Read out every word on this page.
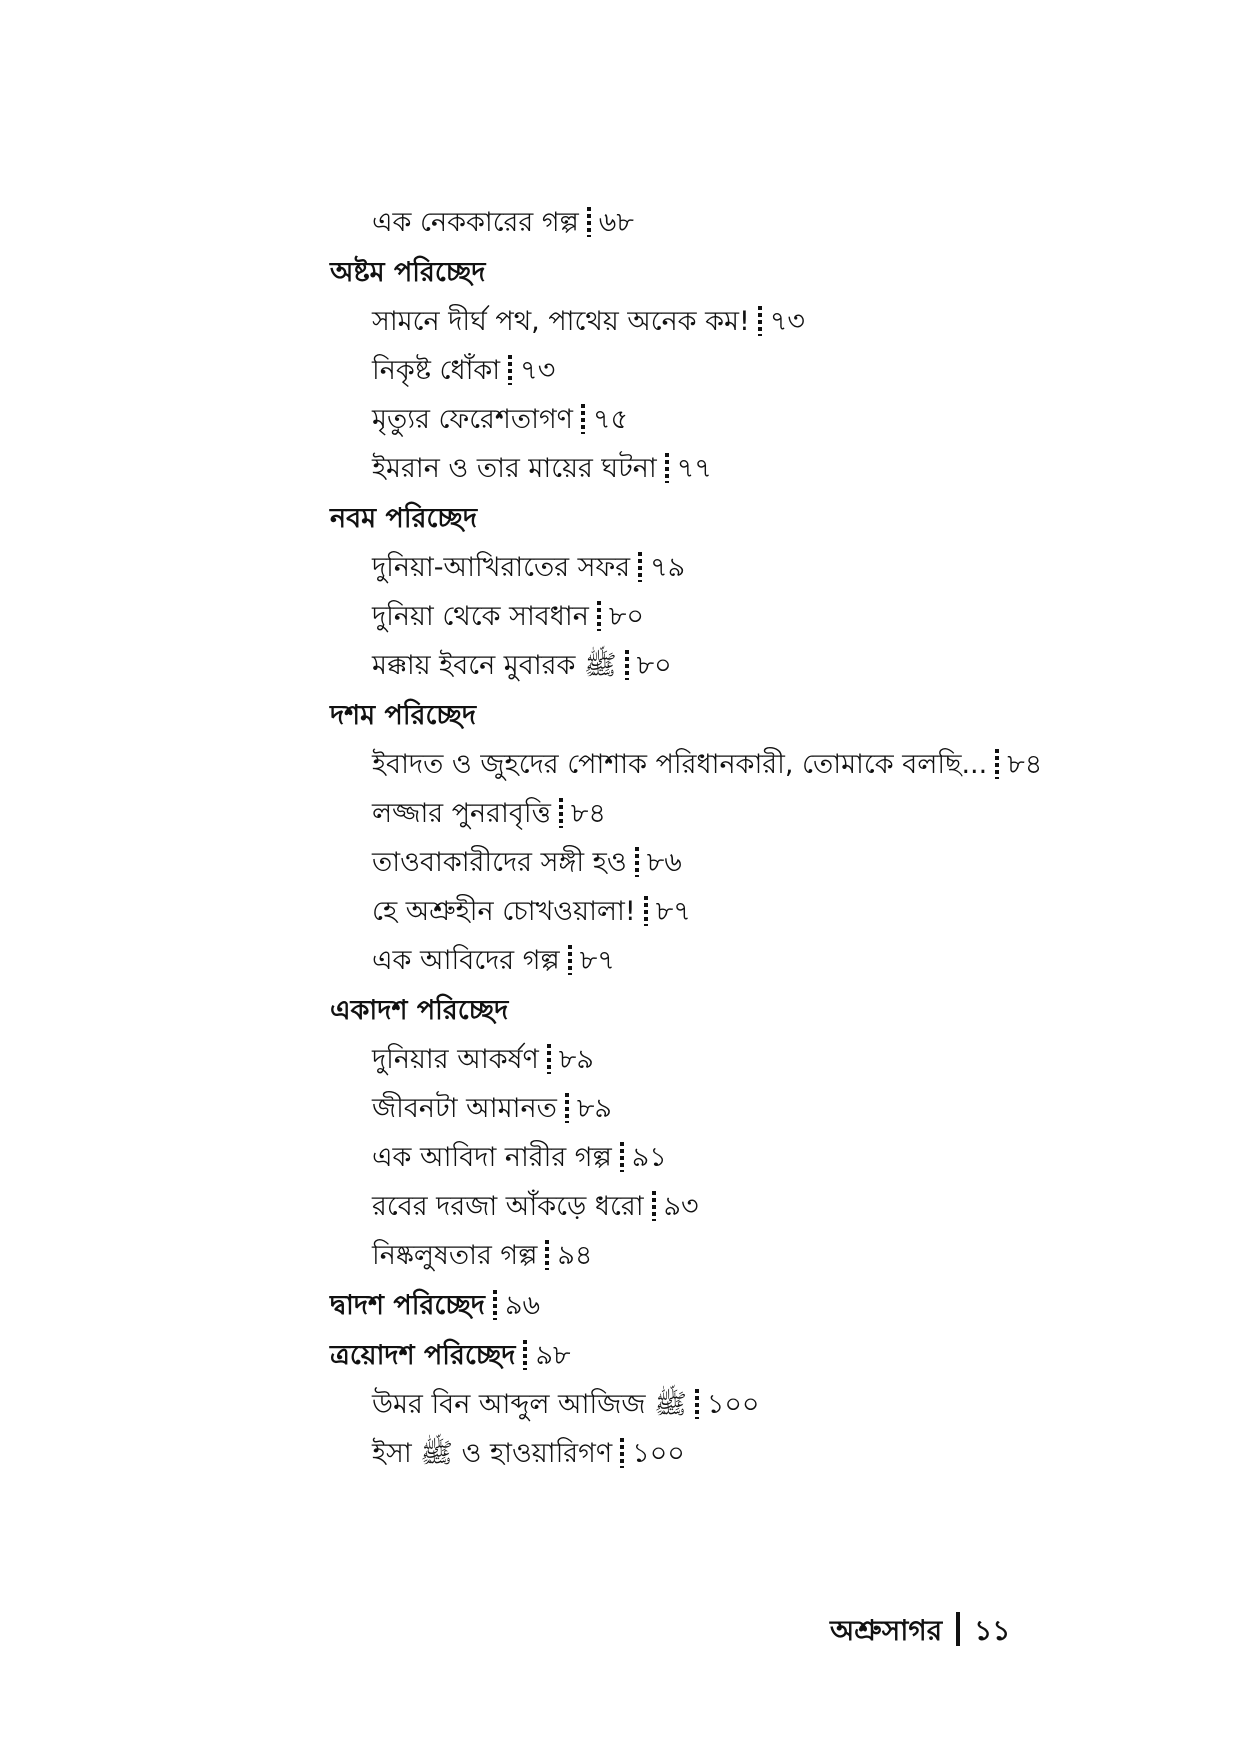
এক নেককারের গল্প ৬৮
অষ্টম পরিচ্ছেদ
সামনে দীর্ঘ পথ, পাথেয় অনেক কম! ৭৩
নিকৃষ্ট ধোঁকা ৭৩
মৃত্যুর ফেরেশতাগণ ৭৫
ইমরান ও তার মায়ের ঘটনা ৭৭
নবম পরিচ্ছেদ
দুনিয়া-আখিরাতের সফর ৭৯
দুনিয়া থেকে সাবধান ৮০
মক্কায় ইবনে মুবারক ﷺ ৮০
দশম পরিচ্ছেদ
ইবাদত ও জুহদের পোশাক পরিধানকারী, তোমাকে বলছি... ৮৪
লজ্জার পুনরাবৃত্তি ৮৪
তাওবাকারীদের সঙ্গী হও ৮৬
হে অশ্রুহীন চোখওয়ালা! ৮৭
এক আবিদের গল্প ৮৭
একাদশ পরিচ্ছেদ
দুনিয়ার আকর্ষণ ৮৯
জীবনটা আমানত ৮৯
এক আবিদা নারীর গল্প ৯১
রবের দরজা আঁকড়ে ধরো ৯৩
নিষ্কলুষতার গল্প ৯৪
দ্বাদশ পরিচ্ছেদ ৯৬
ত্রয়োদশ পরিচ্ছেদ ৯৮
উমর বিন আব্দুল আজিজ ﷺ ১০০
ইসা ﷺ ও হাওয়ারিগণ ১০০
অশ্রুসাগর ১১
